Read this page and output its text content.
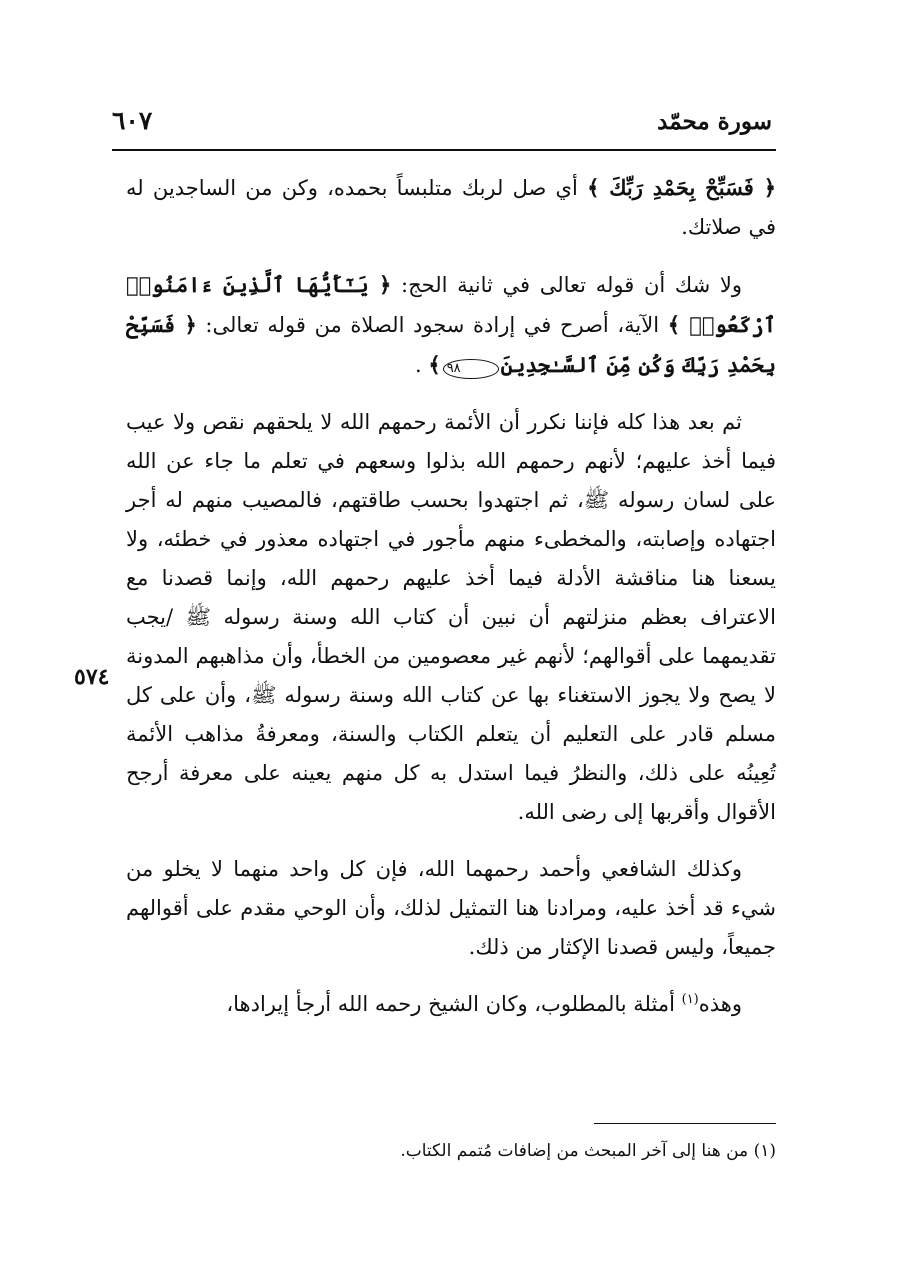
سورة محمّد
٦٠٧
٥٧٤

﴿ فَسَبِّحْ بِحَمْدِ رَبِّكَ ﴾ أي صل لربك متلبساً بحمده، وكن من الساجدين له في صلاتك.

ولا شك أن قوله تعالى في ثانية الحج: ﴿ يَـٰٓأَيُّهَا ٱلَّذِينَ ءَامَنُوا۟ ٱرْكَعُوا۟ ﴾ الآية، أصرح في إرادة سجود الصلاة من قوله تعالى: ﴿ فَسَبِّحْ بِحَمْدِ رَبِّكَ وَكُن مِّنَ ٱلسَّـٰجِدِينَ٩٨﴾ .

ثم بعد هذا كله فإننا نكرر أن الأئمة رحمهم الله لا يلحقهم نقص ولا عيب فيما أخذ عليهم؛ لأنهم رحمهم الله بذلوا وسعهم في تعلم ما جاء عن الله على لسان رسوله ﷺ، ثم اجتهدوا بحسب طاقتهم، فالمصيب منهم له أجر اجتهاده وإصابته، والمخطىء منهم مأجور في اجتهاده معذور في خطئه، ولا يسعنا هنا مناقشة الأدلة فيما أخذ عليهم رحمهم الله، وإنما قصدنا مع الاعتراف بعظم منزلتهم أن نبين أن كتاب الله وسنة رسوله ﷺ /يجب تقديمهما على أقوالهم؛ لأنهم غير معصومين من الخطأ، وأن مذاهبهم المدونة لا يصح ولا يجوز الاستغناء بها عن كتاب الله وسنة رسوله ﷺ، وأن على كل مسلم قادر على التعليم أن يتعلم الكتاب والسنة، ومعرفةُ مذاهب الأئمة تُعِينُه على ذلك، والنظرُ فيما استدل به كل منهم يعينه على معرفة أرجح الأقوال وأقربها إلى رضى الله.

وكذلك الشافعي وأحمد رحمهما الله، فإن كل واحد منهما لا يخلو من شيء قد أخذ عليه، ومرادنا هنا التمثيل لذلك، وأن الوحي مقدم على أقوالهم جميعاً، وليس قصدنا الإكثار من ذلك.

وهذه$^{(١)}$ أمثلة بالمطلوب، وكان الشيخ رحمه الله أرجأ إيرادها،

(١) من هنا إلى آخر المبحث من إضافات مُتمم الكتاب.
